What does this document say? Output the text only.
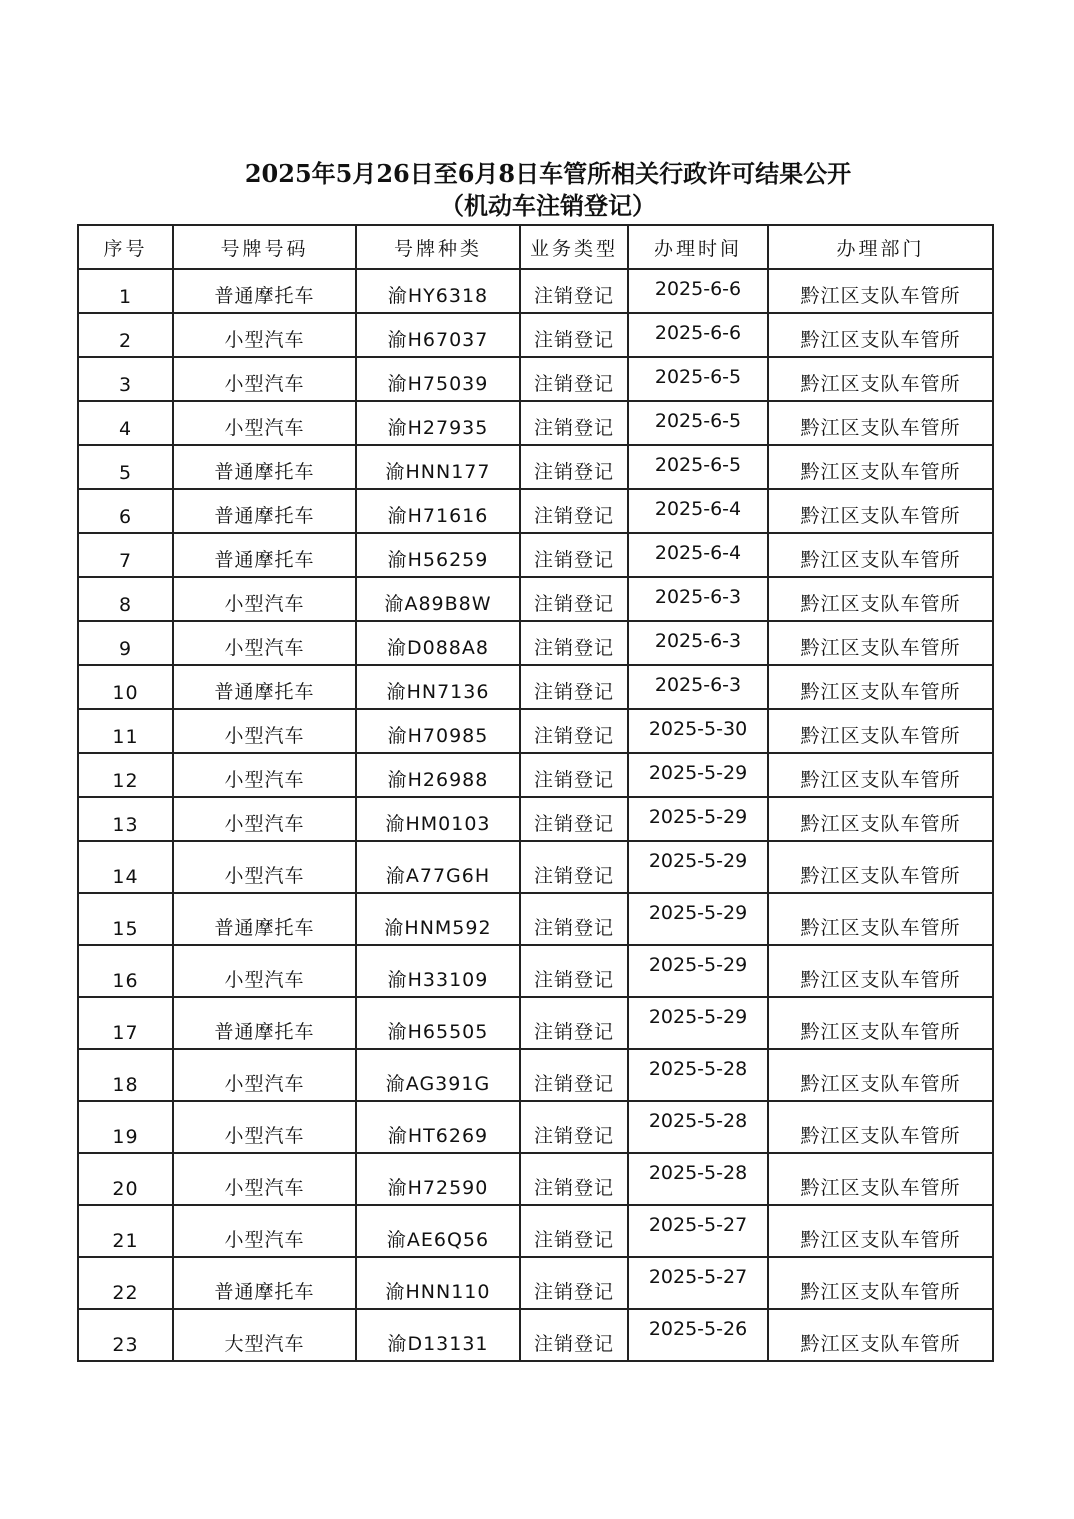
2025年5月26日至6月8日车管所相关行政许可结果公开
（机动车注销登记）
序号	号牌号码	号牌种类	业务类型	办理时间	办理部门

1	普通摩托车	渝HY6318	注销登记	2025-6-6	黔江区支队车管所

2	小型汽车	渝H67037	注销登记	2025-6-6	黔江区支队车管所

3	小型汽车	渝H75039	注销登记	2025-6-5	黔江区支队车管所

4	小型汽车	渝H27935	注销登记	2025-6-5	黔江区支队车管所

5	普通摩托车	渝HNN177	注销登记	2025-6-5	黔江区支队车管所

6	普通摩托车	渝H71616	注销登记	2025-6-4	黔江区支队车管所

7	普通摩托车	渝H56259	注销登记	2025-6-4	黔江区支队车管所

8	小型汽车	渝A89B8W	注销登记	2025-6-3	黔江区支队车管所

9	小型汽车	渝D088A8	注销登记	2025-6-3	黔江区支队车管所

10	普通摩托车	渝HN7136	注销登记	2025-6-3	黔江区支队车管所

11	小型汽车	渝H70985	注销登记	2025-5-30	黔江区支队车管所

12	小型汽车	渝H26988	注销登记	2025-5-29	黔江区支队车管所

13	小型汽车	渝HM0103	注销登记	2025-5-29	黔江区支队车管所

14	小型汽车	渝A77G6H	注销登记	2025-5-29	黔江区支队车管所

15	普通摩托车	渝HNM592	注销登记	2025-5-29	黔江区支队车管所

16	小型汽车	渝H33109	注销登记	2025-5-29	黔江区支队车管所

17	普通摩托车	渝H65505	注销登记	2025-5-29	黔江区支队车管所

18	小型汽车	渝AG391G	注销登记	2025-5-28	黔江区支队车管所

19	小型汽车	渝HT6269	注销登记	2025-5-28	黔江区支队车管所

20	小型汽车	渝H72590	注销登记	2025-5-28	黔江区支队车管所

21	小型汽车	渝AE6Q56	注销登记	2025-5-27	黔江区支队车管所

22	普通摩托车	渝HNN110	注销登记	2025-5-27	黔江区支队车管所

23	大型汽车	渝D13131	注销登记	2025-5-26	黔江区支队车管所
